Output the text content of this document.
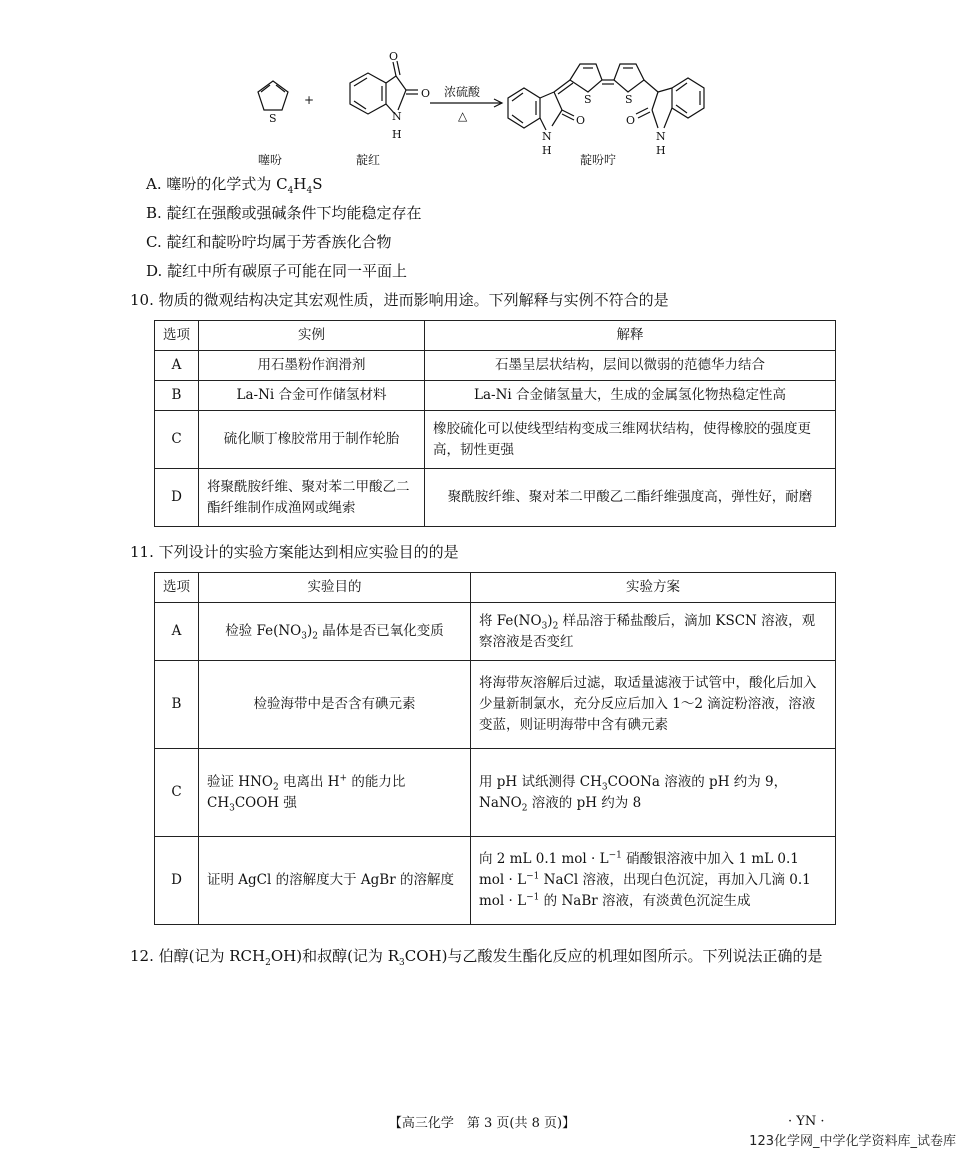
S
O
O
N
H	N
H
O
S	S
O
N
H
+
浓硫酸
△
噻吩	靛红	靛吩咛
A. 噻吩的化学式为 $C_4H_4S$
B. 靛红在强酸或强碱条件下均能稳定存在
C. 靛红和靛吩咛均属于芳香族化合物
D. 靛红中所有碳原子可能在同一平面上
10. 物质的微观结构决定其宏观性质，进而影响用途。下列解释与实例不符合的是
选项	实例	解释
A	用石墨粉作润滑剂	石墨呈层状结构，层间以微弱的范德华力结合
B	La-Ni 合金可作储氢材料	La-Ni 合金储氢量大，生成的金属氢化物热稳定性高
C	硫化顺丁橡胶常用于制作轮胎	橡胶硫化可以使线型结构变成三维网状结构，使得橡胶的强度更高，韧性更强
D	将聚酰胺纤维、聚对苯二甲酸乙二酯纤维制作成渔网或绳索	聚酰胺纤维、聚对苯二甲酸乙二酯纤维强度高，弹性好，耐磨
11. 下列设计的实验方案能达到相应实验目的的是
选项	实验目的	实验方案
A	检验 $Fe(NO_3)_2$ 晶体是否已氧化变质	将 $Fe(NO_3)_2$ 样品溶于稀盐酸后，滴加 KSCN 溶液，观察溶液是否变红
B	检验海带中是否含有碘元素	将海带灰溶解后过滤，取适量滤液于试管中，酸化后加入少量新制氯水，充分反应后加入 1～2 滴淀粉溶液，溶液变蓝，则证明海带中含有碘元素
C	验证 $HNO_2$ 电离出 H+ 的能力比 $CH_3COOH$ 强	用 pH 试纸测得 $CH_3COONa$ 溶液的 pH 约为 9，NaNO$_2$ 溶液的 pH 约为 8
D	证明 AgCl 的溶解度大于 AgBr 的溶解度	向 2 mL 0.1 mol · $L^{-1}$ 硝酸银溶液中加入 1 mL 0.1 mol · $L^{-1}$ NaCl 溶液，出现白色沉淀，再加入几滴 0.1 mol · $L^{-1}$ 的 NaBr 溶液，有淡黄色沉淀生成
12. 伯醇(记为 $RCH_2OH$)和叔醇(记为 $R_3COH$)与乙酸发生酯化反应的机理如图所示。下列说法正确的是
【高三化学　第 3 页(共 8 页)】	· YN ·
123化学网_中学化学资料库_试卷库
